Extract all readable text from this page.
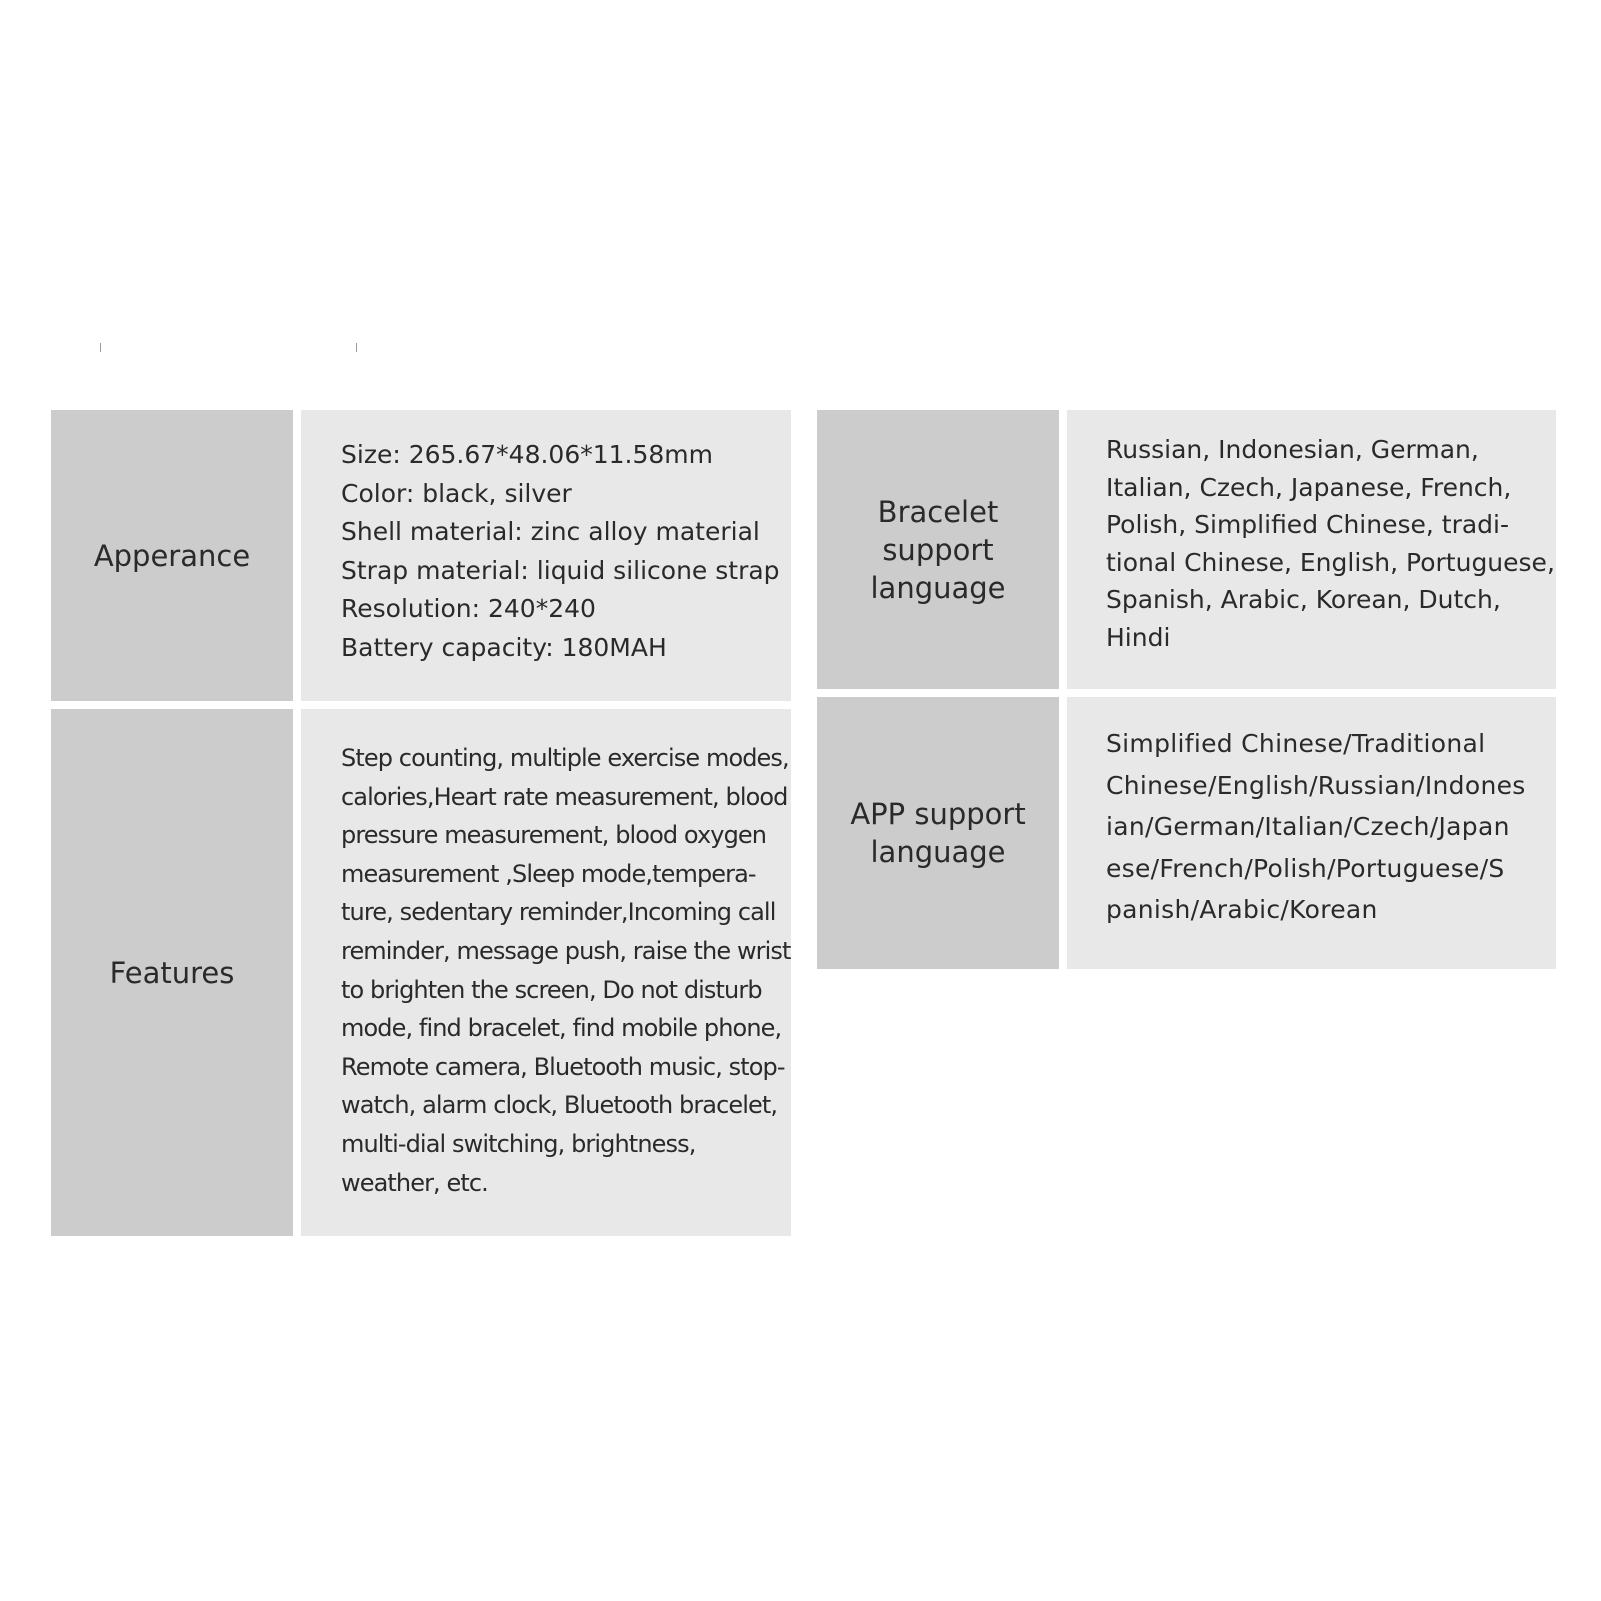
Apperance
Size: 265.67*48.06*11.58mm
Color: black, silver
Shell material: zinc alloy material
Strap material: liquid silicone strap
Resolution: 240*240
Battery capacity: 180MAH
Features
Step counting, multiple exercise modes,
calories,Heart rate measurement, blood
pressure measurement, blood oxygen
measurement ,Sleep mode,tempera-
ture, sedentary reminder,Incoming call
reminder, message push, raise the wrist
to brighten the screen, Do not disturb
mode, find bracelet, find mobile phone,
Remote camera, Bluetooth music, stop-
watch, alarm clock, Bluetooth bracelet,
multi-dial switching, brightness,
weather, etc.
Bracelet
support
language
Russian, Indonesian, German,
Italian, Czech, Japanese, French,
Polish, Simplified Chinese, tradi-
tional Chinese, English, Portuguese,
Spanish, Arabic, Korean, Dutch,
Hindi
APP support
language
Simplified Chinese/Traditional
Chinese/English/Russian/Indones
ian/German/Italian/Czech/Japan
ese/French/Polish/Portuguese/S
panish/Arabic/Korean
